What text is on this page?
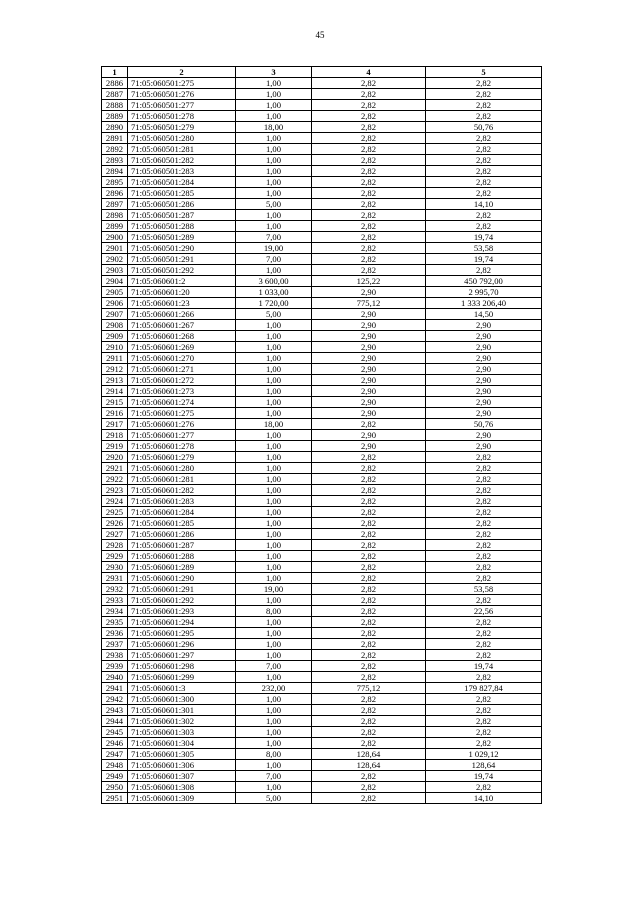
45
1	2	3	4	5
2886	71:05:060501:275	1,00	2,82	2,82
2887	71:05:060501:276	1,00	2,82	2,82
2888	71:05:060501:277	1,00	2,82	2,82
2889	71:05:060501:278	1,00	2,82	2,82
2890	71:05:060501:279	18,00	2,82	50,76
2891	71:05:060501:280	1,00	2,82	2,82
2892	71:05:060501:281	1,00	2,82	2,82
2893	71:05:060501:282	1,00	2,82	2,82
2894	71:05:060501:283	1,00	2,82	2,82
2895	71:05:060501:284	1,00	2,82	2,82
2896	71:05:060501:285	1,00	2,82	2,82
2897	71:05:060501:286	5,00	2,82	14,10
2898	71:05:060501:287	1,00	2,82	2,82
2899	71:05:060501:288	1,00	2,82	2,82
2900	71:05:060501:289	7,00	2,82	19,74
2901	71:05:060501:290	19,00	2,82	53,58
2902	71:05:060501:291	7,00	2,82	19,74
2903	71:05:060501:292	1,00	2,82	2,82
2904	71:05:060601:2	3 600,00	125,22	450 792,00
2905	71:05:060601:20	1 033,00	2,90	2 995,70
2906	71:05:060601:23	1 720,00	775,12	1 333 206,40
2907	71:05:060601:266	5,00	2,90	14,50
2908	71:05:060601:267	1,00	2,90	2,90
2909	71:05:060601:268	1,00	2,90	2,90
2910	71:05:060601:269	1,00	2,90	2,90
2911	71:05:060601:270	1,00	2,90	2,90
2912	71:05:060601:271	1,00	2,90	2,90
2913	71:05:060601:272	1,00	2,90	2,90
2914	71:05:060601:273	1,00	2,90	2,90
2915	71:05:060601:274	1,00	2,90	2,90
2916	71:05:060601:275	1,00	2,90	2,90
2917	71:05:060601:276	18,00	2,82	50,76
2918	71:05:060601:277	1,00	2,90	2,90
2919	71:05:060601:278	1,00	2,90	2,90
2920	71:05:060601:279	1,00	2,82	2,82
2921	71:05:060601:280	1,00	2,82	2,82
2922	71:05:060601:281	1,00	2,82	2,82
2923	71:05:060601:282	1,00	2,82	2,82
2924	71:05:060601:283	1,00	2,82	2,82
2925	71:05:060601:284	1,00	2,82	2,82
2926	71:05:060601:285	1,00	2,82	2,82
2927	71:05:060601:286	1,00	2,82	2,82
2928	71:05:060601:287	1,00	2,82	2,82
2929	71:05:060601:288	1,00	2,82	2,82
2930	71:05:060601:289	1,00	2,82	2,82
2931	71:05:060601:290	1,00	2,82	2,82
2932	71:05:060601:291	19,00	2,82	53,58
2933	71:05:060601:292	1,00	2,82	2,82
2934	71:05:060601:293	8,00	2,82	22,56
2935	71:05:060601:294	1,00	2,82	2,82
2936	71:05:060601:295	1,00	2,82	2,82
2937	71:05:060601:296	1,00	2,82	2,82
2938	71:05:060601:297	1,00	2,82	2,82
2939	71:05:060601:298	7,00	2,82	19,74
2940	71:05:060601:299	1,00	2,82	2,82
2941	71:05:060601:3	232,00	775,12	179 827,84
2942	71:05:060601:300	1,00	2,82	2,82
2943	71:05:060601:301	1,00	2,82	2,82
2944	71:05:060601:302	1,00	2,82	2,82
2945	71:05:060601:303	1,00	2,82	2,82
2946	71:05:060601:304	1,00	2,82	2,82
2947	71:05:060601:305	8,00	128,64	1 029,12
2948	71:05:060601:306	1,00	128,64	128,64
2949	71:05:060601:307	7,00	2,82	19,74
2950	71:05:060601:308	1,00	2,82	2,82
2951	71:05:060601:309	5,00	2,82	14,10
